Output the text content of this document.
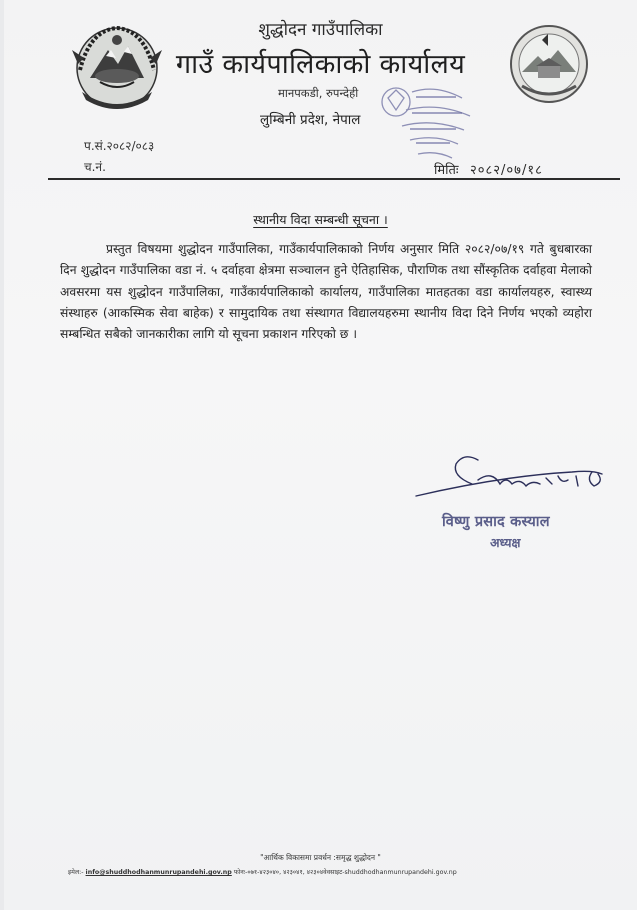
शुद्धोदन गाउँपालिका
गाउँ कार्यपालिकाको कार्यालय
मानपकडी, रुपन्देही
लुम्बिनी प्रदेश, नेपाल
प.सं.२०८२/०८३
च.नं.	मितिः २०८२/०७/१८
स्थानीय विदा सम्बन्धी सूचना ।
प्रस्तुत विषयमा शुद्धोदन गाउँपालिका, गाउँकार्यपालिकाको निर्णय अनुसार मिति २०८२/०७/१९ गते बुधबारका दिन शुद्धोदन गाउँपालिका वडा नं. ५ दर्वाहवा क्षेत्रमा सञ्चालन हुने ऐतिहासिक, पौराणिक तथा सौंस्कृतिक दर्वाहवा मेलाको अवसरमा यस शुद्धोदन गाउँपालिका, गाउँकार्यपालिकाको कार्यालय, गाउँपालिका मातहतका वडा कार्यालयहरु, स्वास्थ्य संस्थाहरु (आकस्मिक सेवा बाहेक) र सामुदायिक तथा संस्थागत विद्यालयहरुमा स्थानीय विदा दिने निर्णय भएको व्यहोरा सम्बन्धित सबैको जानकारीका लागि यो सूचना प्रकाशन गरिएको छ ।
विष्णु प्रसाद कस्याल
अध्यक्ष
"आर्थिक विकासमा प्रवर्धन :समृद्ध शुद्धोदन "
इमेल:- info@shuddhodhanmunrupandehi.gov.np फोनः-०७१-४२३०४०, ४२३०४१, ४२३०४वेवसाइट-shuddhodhanmunrupandehi.gov.np
